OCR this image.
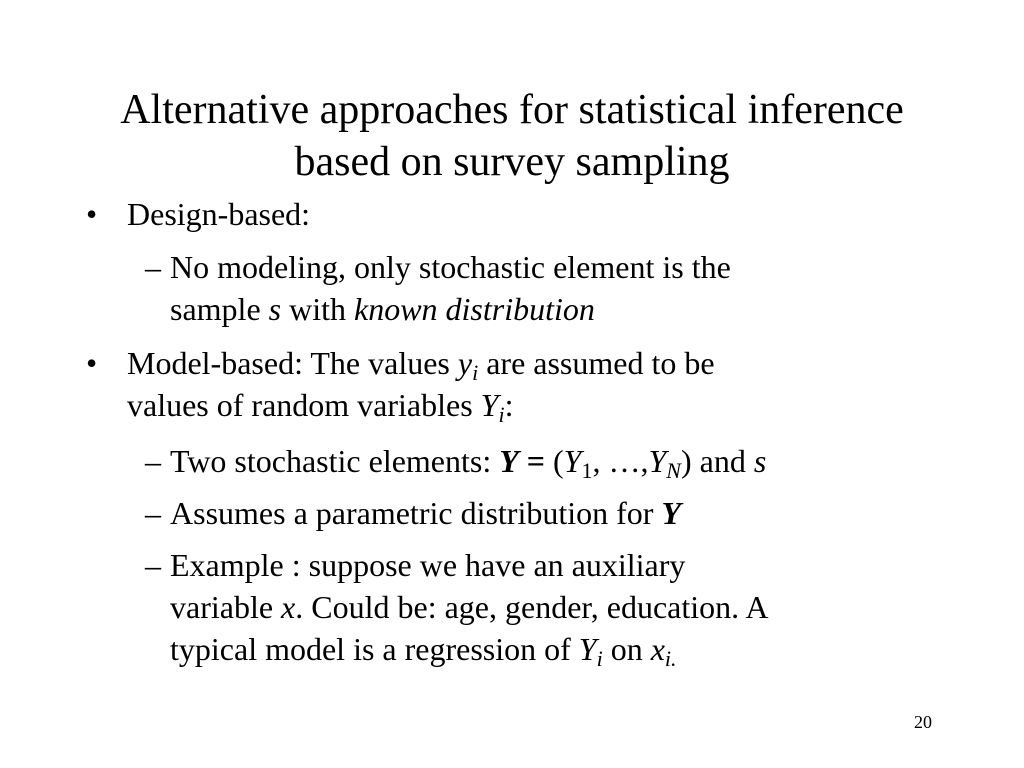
Alternative approaches for statistical inference
based on survey sampling
• Design-based:
– No modeling, only stochastic element is the
sample s with known distribution
• Model-based: The values $y_i$ are assumed to be
values of random variables $Y_i$:
– Two stochastic elements: $Y = (Y_1$, $\dots,Y_N$) and s
– Assumes a parametric distribution for Y
– Example : suppose we have an auxiliary
variable x. Could be: age, gender, education. A
typical model is a regression of $Y_i$ on $x_{i.}$
20
